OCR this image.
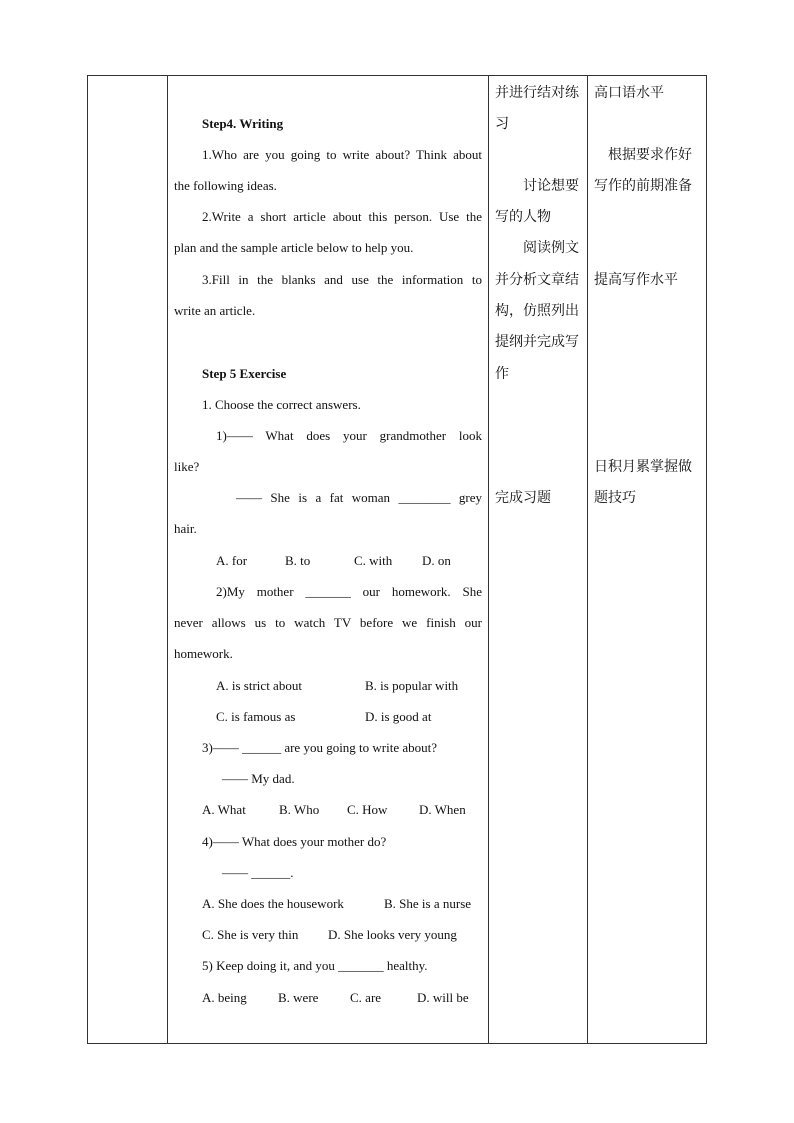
Step4. Writing
1.Who are you going to write about? Think about
the following ideas.
2.Write a short article about this person. Use the
plan and the sample article below to help you.
3.Fill in the blanks and use the information to
write an article.
Step 5 Exercise
1. Choose the correct answers.
1)—— What does your grandmother look
like?
—— She is a fat woman ________ grey
hair.
A. for	B. to	C. with D. on
2)My mother _______ our homework. She
never allows us to watch TV before we finish our
homework.
A. is strict about	B. is popular with
C. is famous as	D. is good at
3)—— ______ are you going to write about?
—— My dad.
A. What	B. Who C. How D. When
4)—— What does your mother do?
—— ______.
A. She does the housework	B. She is a nurse
C. She is very thin D. She looks very young
5) Keep doing it, and you _______ healthy.
A. being B. were C. are	D. will be
并进行结对练
习
讨论想要
写的人物
阅读例文
并分析文章结
构，仿照列出
提纲并完成写
作
完成习题
高口语水平
根据要求作好
写作的前期准备
提高写作水平
日积月累掌握做
题技巧
